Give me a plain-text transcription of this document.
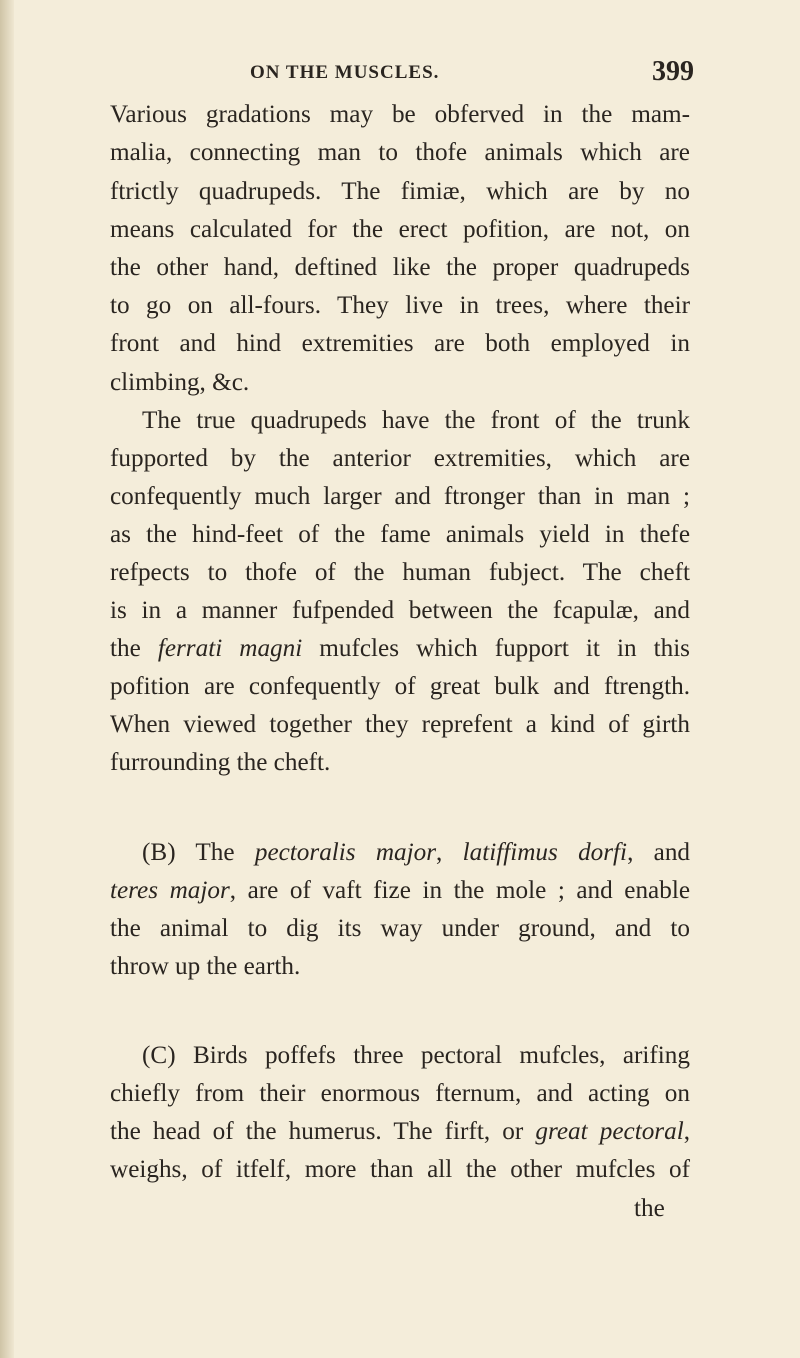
ON THE MUSCLES.	399
Various gradations may be obferved in the mam-
malia, connecting man to thofe animals which are
ftrictly quadrupeds. The fimiæ, which are by no
means calculated for the erect pofition, are not, on
the other hand, deftined like the proper quadrupeds
to go on all-fours. They live in trees, where their
front and hind extremities are both employed in
climbing, &c.
The true quadrupeds have the front of the trunk
fupported by the anterior extremities, which are
confequently much larger and ftronger than in man ;
as the hind-feet of the fame animals yield in thefe
refpects to thofe of the human fubject. The cheft
is in a manner fufpended between the fcapulæ, and
the ferrati magni mufcles which fupport it in this
pofition are confequently of great bulk and ftrength.
When viewed together they reprefent a kind of girth
furrounding the cheft.
(B) The pectoralis major, latiffimus dorfi, and
teres major, are of vaft fize in the mole ; and enable
the animal to dig its way under ground, and to
throw up the earth.
(C) Birds poffefs three pectoral mufcles, arifing
chiefly from their enormous fternum, and acting on
the head of the humerus. The firft, or great pectoral,
weighs, of itfelf, more than all the other mufcles of
the
